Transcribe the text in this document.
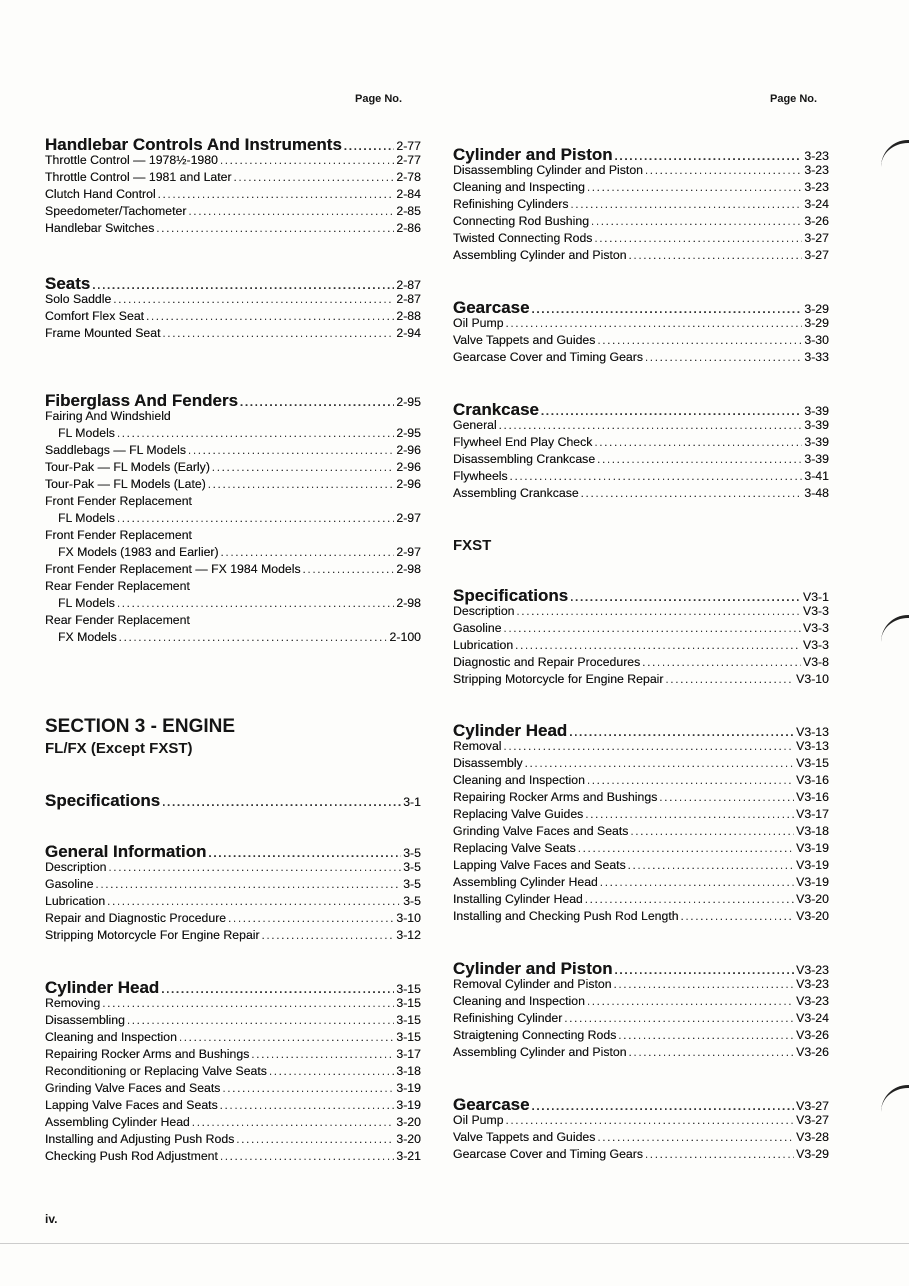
Page No.	Page No.
SECTION 3 - ENGINE
FL/FX (Except FXST)
Handlebar Controls And Instruments . . .	2-77
Throttle Control — 1978½-1980 . . .	2-77
Throttle Control — 1981 and Later . . .	2-78
Clutch Hand Control . . .	2-84
Speedometer/Tachometer . . .	2-85
Handlebar Switches . . .	2-86
Seats . . .	2-87
Solo Saddle . . .	2-87
Comfort Flex Seat . . .	2-88
Frame Mounted Seat . . .	2-94
Fiberglass And Fenders . . .	2-95
Fairing And Windshield
FL Models . . .	2-95
Saddlebags — FL Models . . .	2-96
Tour-Pak — FL Models (Early) . . .	2-96
Tour-Pak — FL Models (Late) . . .	2-96
Front Fender Replacement
FL Models . . .	2-97
Front Fender Replacement
FX Models (1983 and Earlier) . . .	2-97
Front Fender Replacement — FX 1984 Models . . .	2-98
Rear Fender Replacement
FL Models . . .	2-98
Rear Fender Replacement
FX Models . . .	2-100
Specifications . . .	3-1
General Information . . .	3-5
Description . . .	3-5
Gasoline . . .	3-5
Lubrication . . .	3-5
Repair and Diagnostic Procedure . . .	3-10
Stripping Motorcycle For Engine Repair . . .	3-12
Cylinder Head . . .	3-15
Removing . . .	3-15
Disassembling . . .	3-15
Cleaning and Inspection . . .	3-15
Repairing Rocker Arms and Bushings . . .	3-17
Reconditioning or Replacing Valve Seats . . .	3-18
Grinding Valve Faces and Seats . . .	3-19
Lapping Valve Faces and Seats . . .	3-19
Assembling Cylinder Head . . .	3-20
Installing and Adjusting Push Rods . . .	3-20
Checking Push Rod Adjustment . . .	3-21
FXST
Cylinder and Piston . . .	3-23
Disassembling Cylinder and Piston . . .	3-23
Cleaning and Inspecting . . .	3-23
Refinishing Cylinders . . .	3-24
Connecting Rod Bushing . . .	3-26
Twisted Connecting Rods . . .	3-27
Assembling Cylinder and Piston . . .	3-27
Gearcase . . .	3-29
Oil Pump . . .	3-29
Valve Tappets and Guides . . .	3-30
Gearcase Cover and Timing Gears . . .	3-33
Crankcase . . .	3-39
General . . .	3-39
Flywheel End Play Check . . .	3-39
Disassembling Crankcase . . .	3-39
Flywheels . . .	3-41
Assembling Crankcase . . .	3-48
Specifications . . .	V3-1
Description . . .	V3-3
Gasoline . . .	V3-3
Lubrication . . .	V3-3
Diagnostic and Repair Procedures . . .	V3-8
Stripping Motorcycle for Engine Repair . . .	V3-10
Cylinder Head . . .	V3-13
Removal . . .	V3-13
Disassembly . . .	V3-15
Cleaning and Inspection . . .	V3-16
Repairing Rocker Arms and Bushings . . .	V3-16
Replacing Valve Guides . . .	V3-17
Grinding Valve Faces and Seats . . .	V3-18
Replacing Valve Seats . . .	V3-19
Lapping Valve Faces and Seats . . .	V3-19
Assembling Cylinder Head . . .	V3-19
Installing Cylinder Head . . .	V3-20
Installing and Checking Push Rod Length . . .	V3-20
Cylinder and Piston . . .	V3-23
Removal Cylinder and Piston . . .	V3-23
Cleaning and Inspection . . .	V3-23
Refinishing Cylinder . . .	V3-24
Straigtening Connecting Rods . . .	V3-26
Assembling Cylinder and Piston . . .	V3-26
Gearcase . . .	V3-27
Oil Pump . . .	V3-27
Valve Tappets and Guides . . .	V3-28
Gearcase Cover and Timing Gears . . .	V3-29
iv.
